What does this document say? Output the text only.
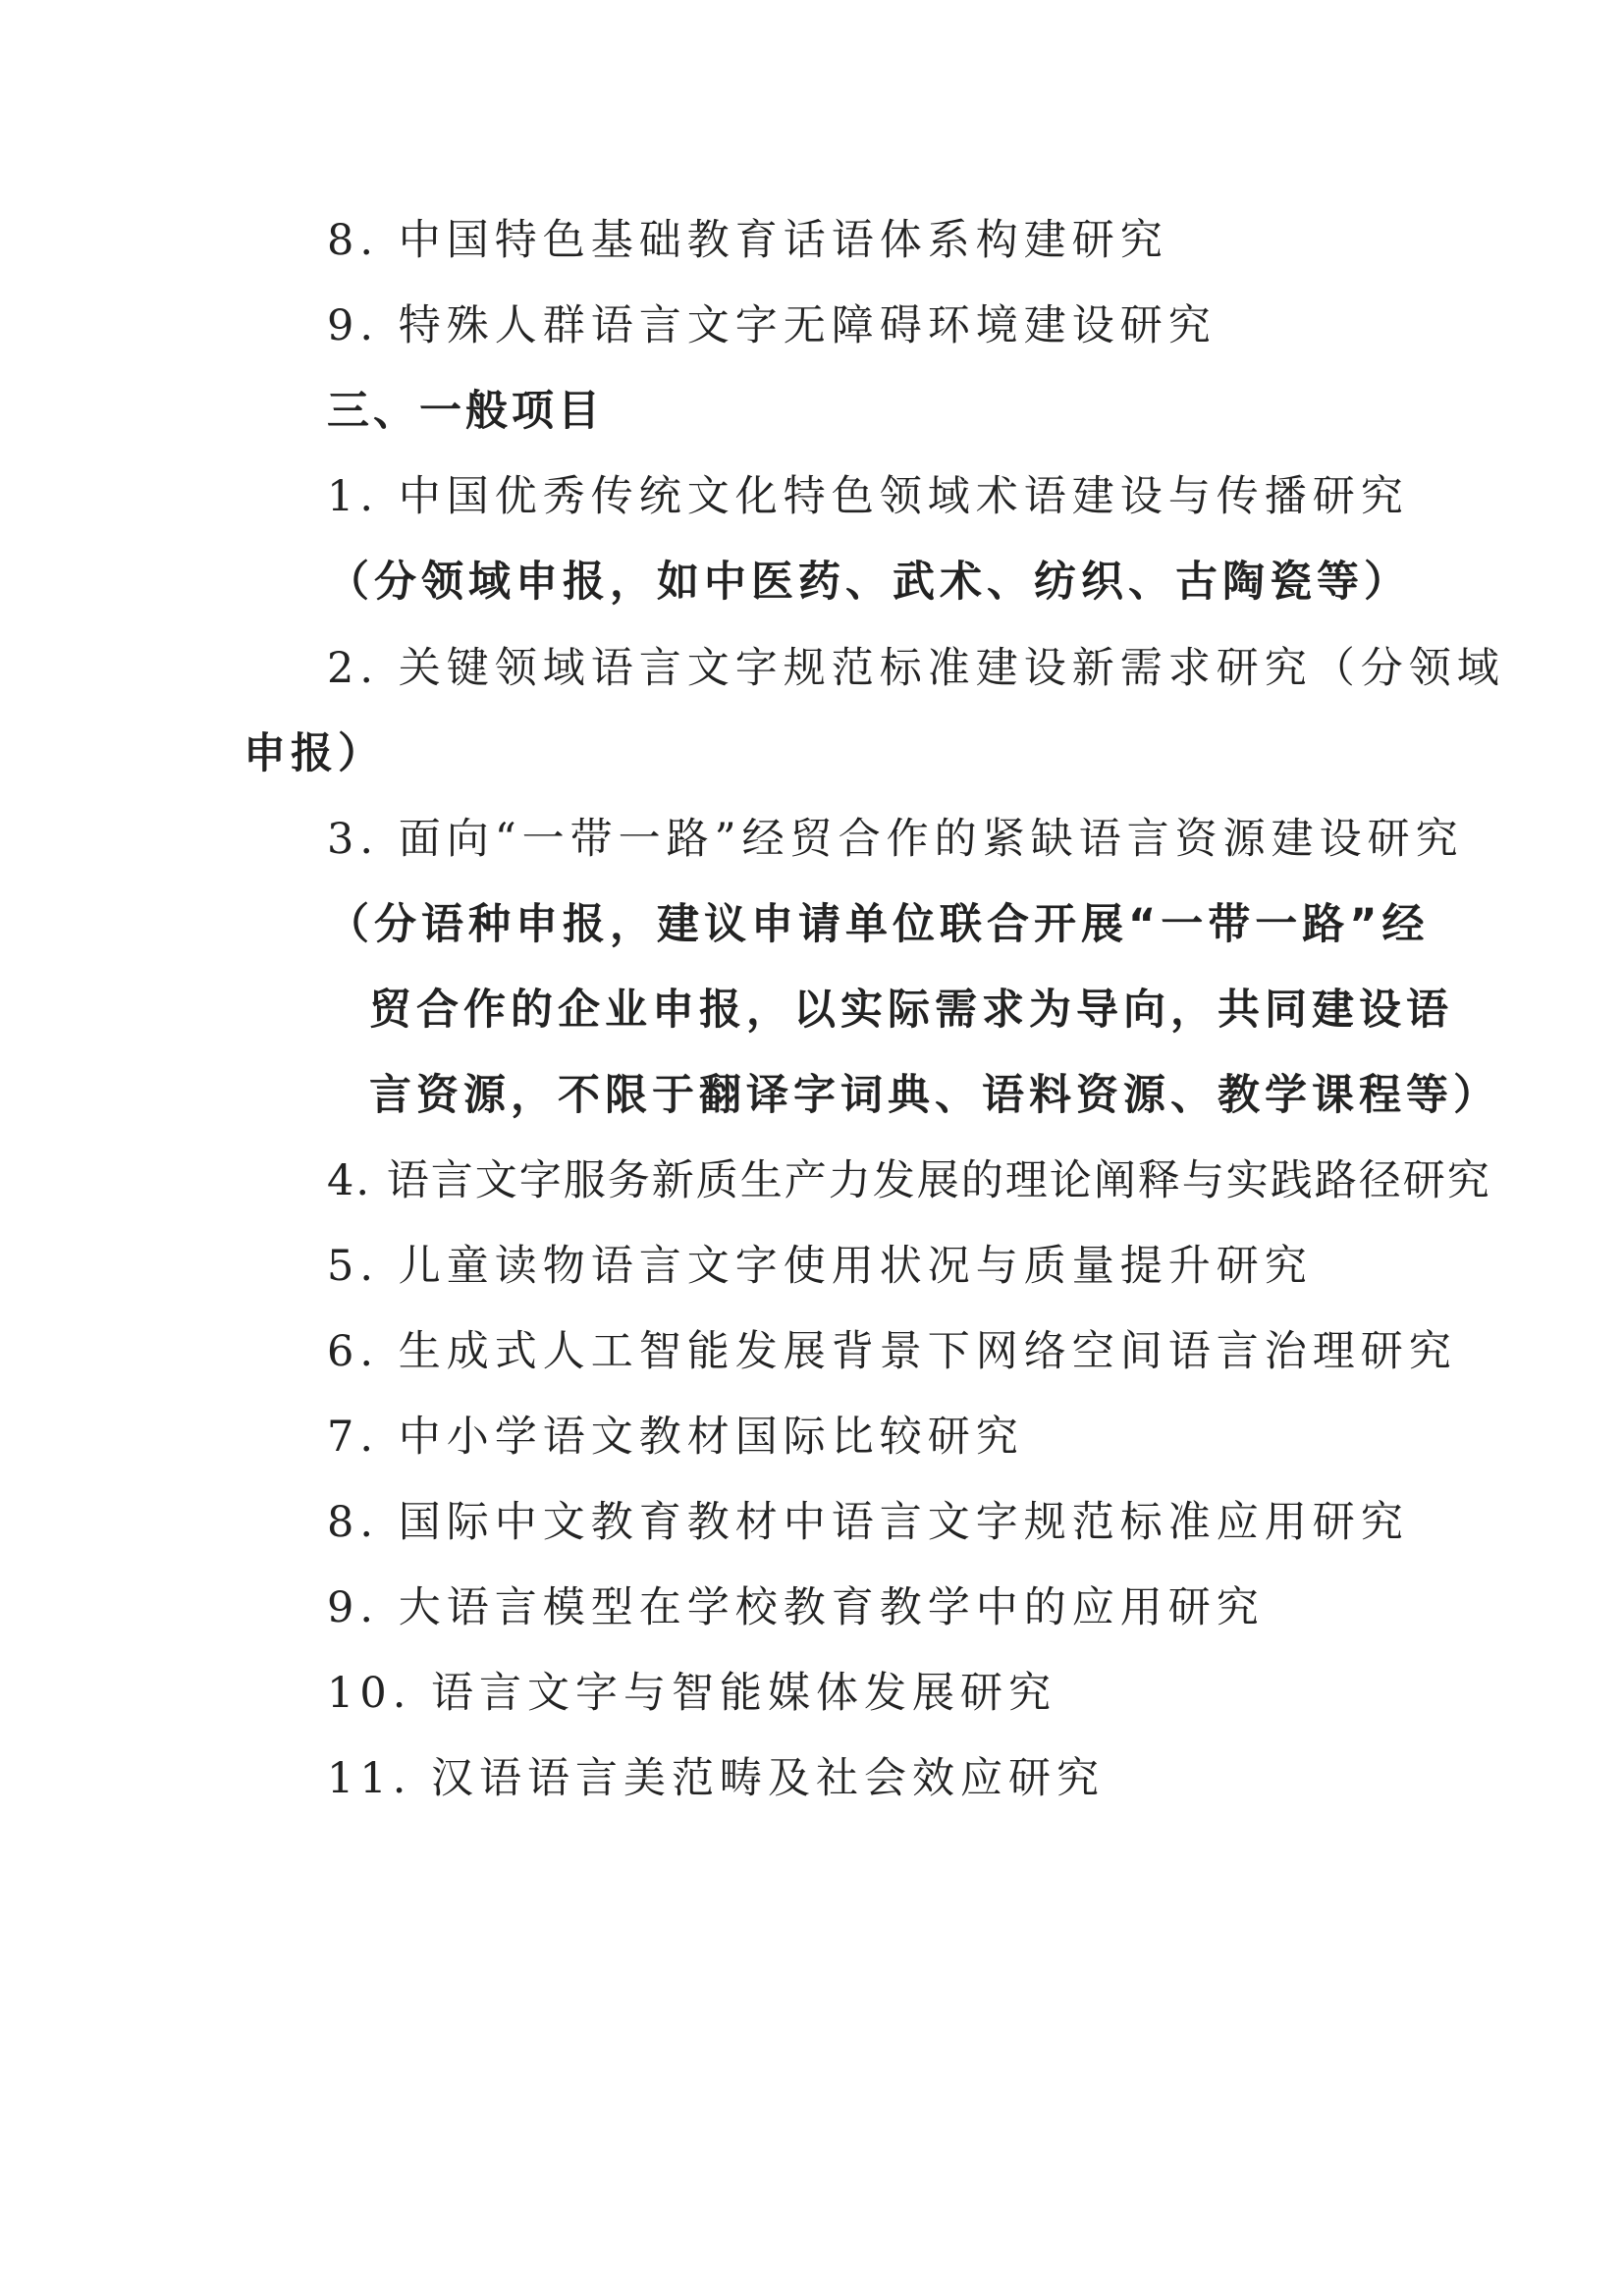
8. 中国特色基础教育话语体系构建研究
9. 特殊人群语言文字无障碍环境建设研究
三、一般项目
1. 中国优秀传统文化特色领域术语建设与传播研究
（分领域申报，如中医药、武术、纺织、古陶瓷等）
2. 关键领域语言文字规范标准建设新需求研究（分领域
申报）
3. 面向“一带一路”经贸合作的紧缺语言资源建设研究
（分语种申报，建议申请单位联合开展“一带一路”经
贸合作的企业申报，以实际需求为导向，共同建设语
言资源，不限于翻译字词典、语料资源、教学课程等）
4. 语言文字服务新质生产力发展的理论阐释与实践路径研究
5. 儿童读物语言文字使用状况与质量提升研究
6. 生成式人工智能发展背景下网络空间语言治理研究
7. 中小学语文教材国际比较研究
8. 国际中文教育教材中语言文字规范标准应用研究
9. 大语言模型在学校教育教学中的应用研究
10. 语言文字与智能媒体发展研究
11. 汉语语言美范畴及社会效应研究
